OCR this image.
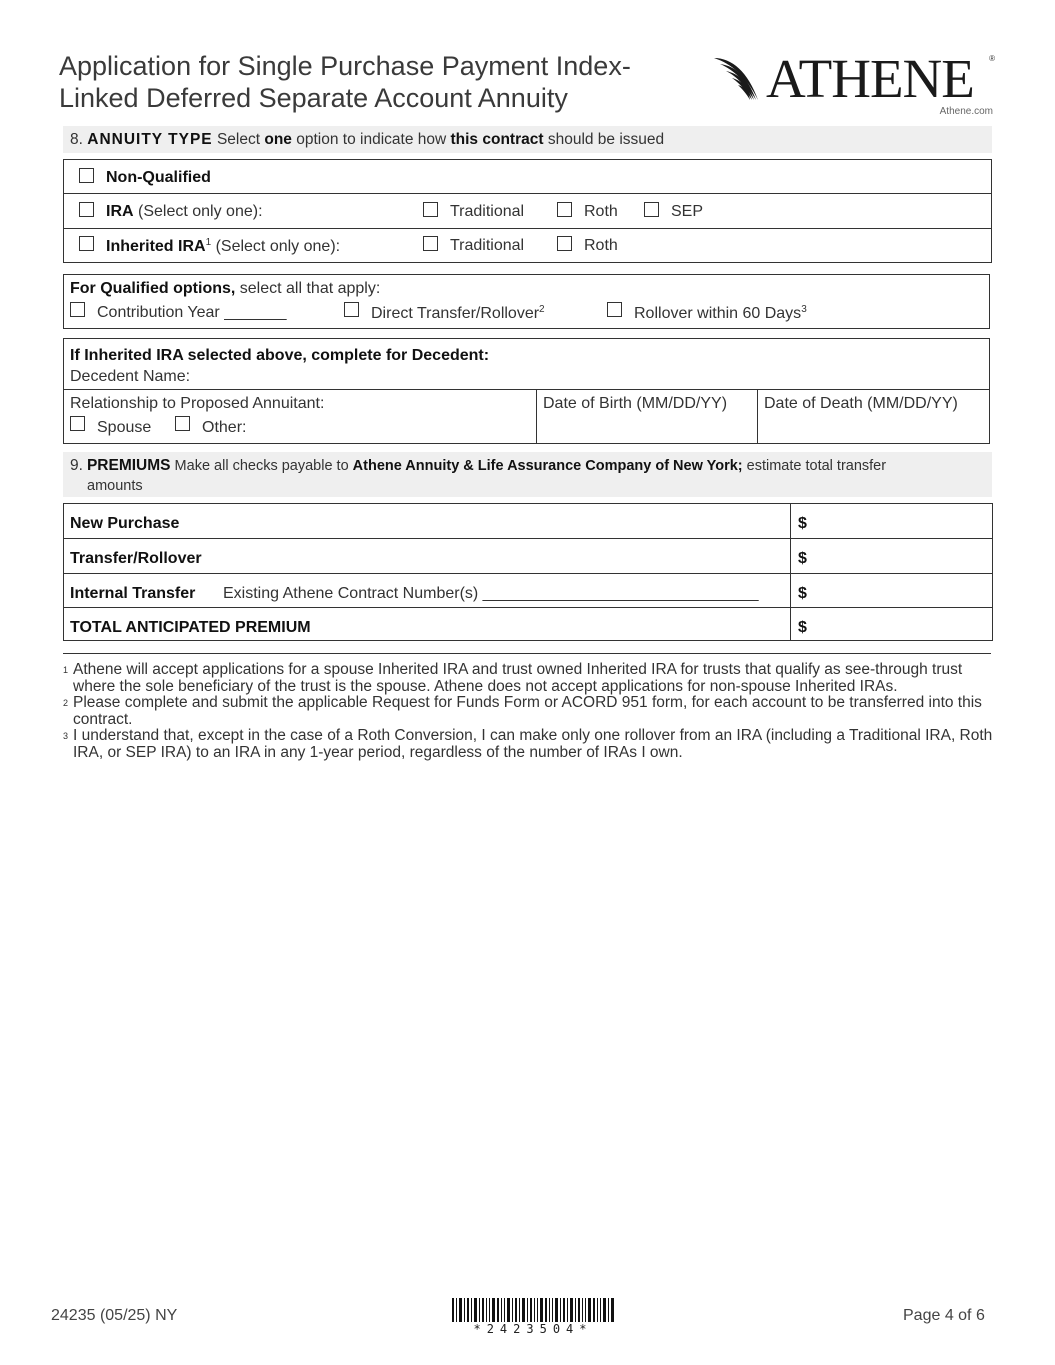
Application for Single Purchase Payment Index-
Linked Deferred Separate Account Annuity	ATHENE ®
Athene.com
8. ANNUITY TYPE Select one option to indicate how this contract should be issued
Non-Qualified
IRA (Select only one):	Traditional	Roth	SEP
Inherited IRA$^1$ (Select only one):	Traditional	Roth
For Qualified options, select all that apply:
Contribution Year _______	Direct Transfer/Rollover$^2$	Rollover within 60 Days$^3$
If Inherited IRA selected above, complete for Decedent:
Decedent Name:
Relationship to Proposed Annuitant:
Spouse	Other:
Date of Birth (MM/DD/YY) Date of Death (MM/DD/YY)
9. PREMIUMS Make all checks payable to Athene Annuity & Life Assurance Company of New York; estimate total transfer
amounts
New Purchase	$
Transfer/Rollover	$
Internal Transfer Existing Athene Contract Number(s) _______________________________ $
TOTAL ANTICIPATED PREMIUM	$
1 Athene will accept applications for a spouse Inherited IRA and trust owned Inherited IRA for trusts that qualify as see-through trust where the sole beneficiary of the trust is the spouse. Athene does not accept applications for non-spouse Inherited IRAs.
2 Please complete and submit the applicable Request for Funds Form or ACORD 951 form, for each account to be transferred into this contract.
3 I understand that, except in the case of a Roth Conversion, I can make only one rollover from an IRA (including a Traditional IRA, Roth IRA, or SEP IRA) to an IRA in any 1-year period, regardless of the number of IRAs I own.
24235 (05/25) NY
*2423504*
Page 4 of 6
